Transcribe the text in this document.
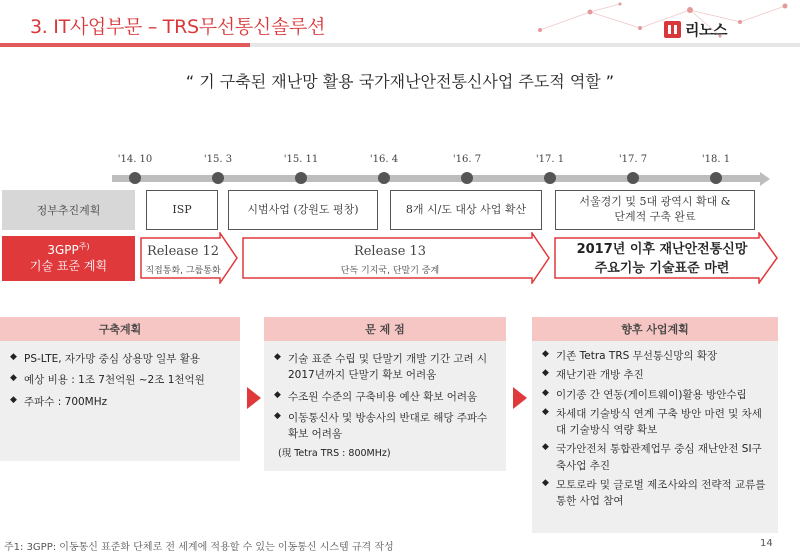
3. IT사업부문 – TRS무선통신솔루션	리노스
“ 기 구축된 재난망 활용 국가재난안전통신사업 주도적 역할 ”
'14. 10	'15. 3	'15. 11	'16. 4	'16. 7	'17. 1	'17. 7	'18. 1
정부추진계획
$3GPP^{주)}$
기술 표준 계획
ISP	시범사업 (강원도 평창)	8개 시/도 대상 사업 확산
서울경기 및 5대 광역시 확대 &
단계적 구축 완료
Release 12
직접통화, 그룹통화
Release 13
단독 기지국, 단말기 중계
2017년 이후 재난안전통신망
주요기능 기술표준 마련
구축계획
◆ PS-LTE, 자가망 중심 상용망 일부 활용
◆ 예상 비용 : 1조 7천억원 ~2조 1천억원
◆ 주파수 : 700MHz
문 제 점
◆ 기술 표준 수립 및 단말기 개발 기간 고려 시 2017년까지 단말기 확보 어려움
◆ 수조원 수준의 구축비용 예산 확보 어려움
◆ 이동통신사 및 방송사의 반대로 해당 주파수 확보 어려움
(現 Tetra TRS : 800MHz)
향후 사업계획
◆ 기존 Tetra TRS 무선통신망의 확장
◆ 재난기관 개방 추진
◆ 이기종 간 연동(게이트웨이)활용 방안수립
◆ 차세대 기술방식 연계 구축 방안 마련 및 차세대 기술방식 역량 확보
◆ 국가안전처 통합관제업무 중심 재난안전 SI구축사업 추진
◆ 모토로라 및 글로벌 제조사와의 전략적 교류를 통한 사업 참여
주1: 3GPP: 이동통신 표준화 단체로 전 세계에 적용할 수 있는 이동통신 시스템 규격 작성	14
